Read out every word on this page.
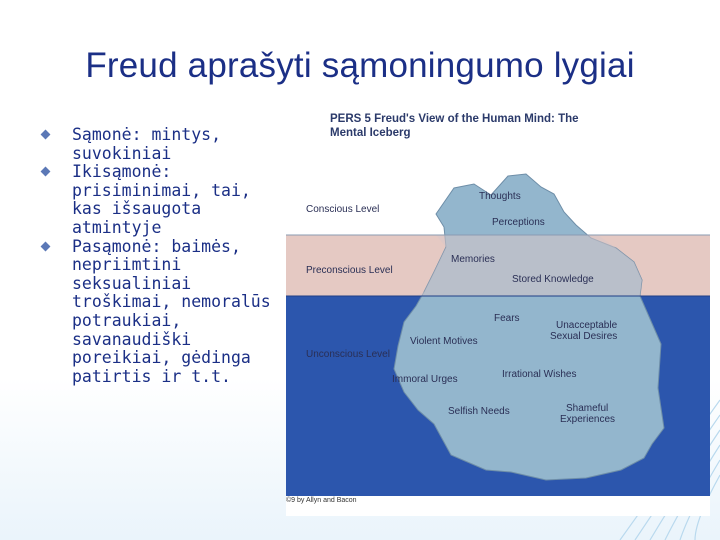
Freud aprašyti sąmoningumo lygiai
Sąmonė: mintys, suvokiniai
Ikisąmonė: prisiminimai, tai, kas išsaugota atmintyje
Pasąmonė: baimės, nepriimtini seksualiniai troškimai, nemoralūs potraukiai, savanaudiški poreikiai, gėdinga patirtis ir t.t.
PERS 5 Freud's View of the Human Mind: The
Mental Iceberg
Conscious Level
Preconscious Level
Unconscious Level
Thoughts
Perceptions
Memories
Stored Knowledge
Fears
Unacceptable
Sexual Desires
Violent Motives
Immoral Urges	Irrational Wishes
Selfish Needs	Shameful
Experiences
©9 by Allyn and Bacon
